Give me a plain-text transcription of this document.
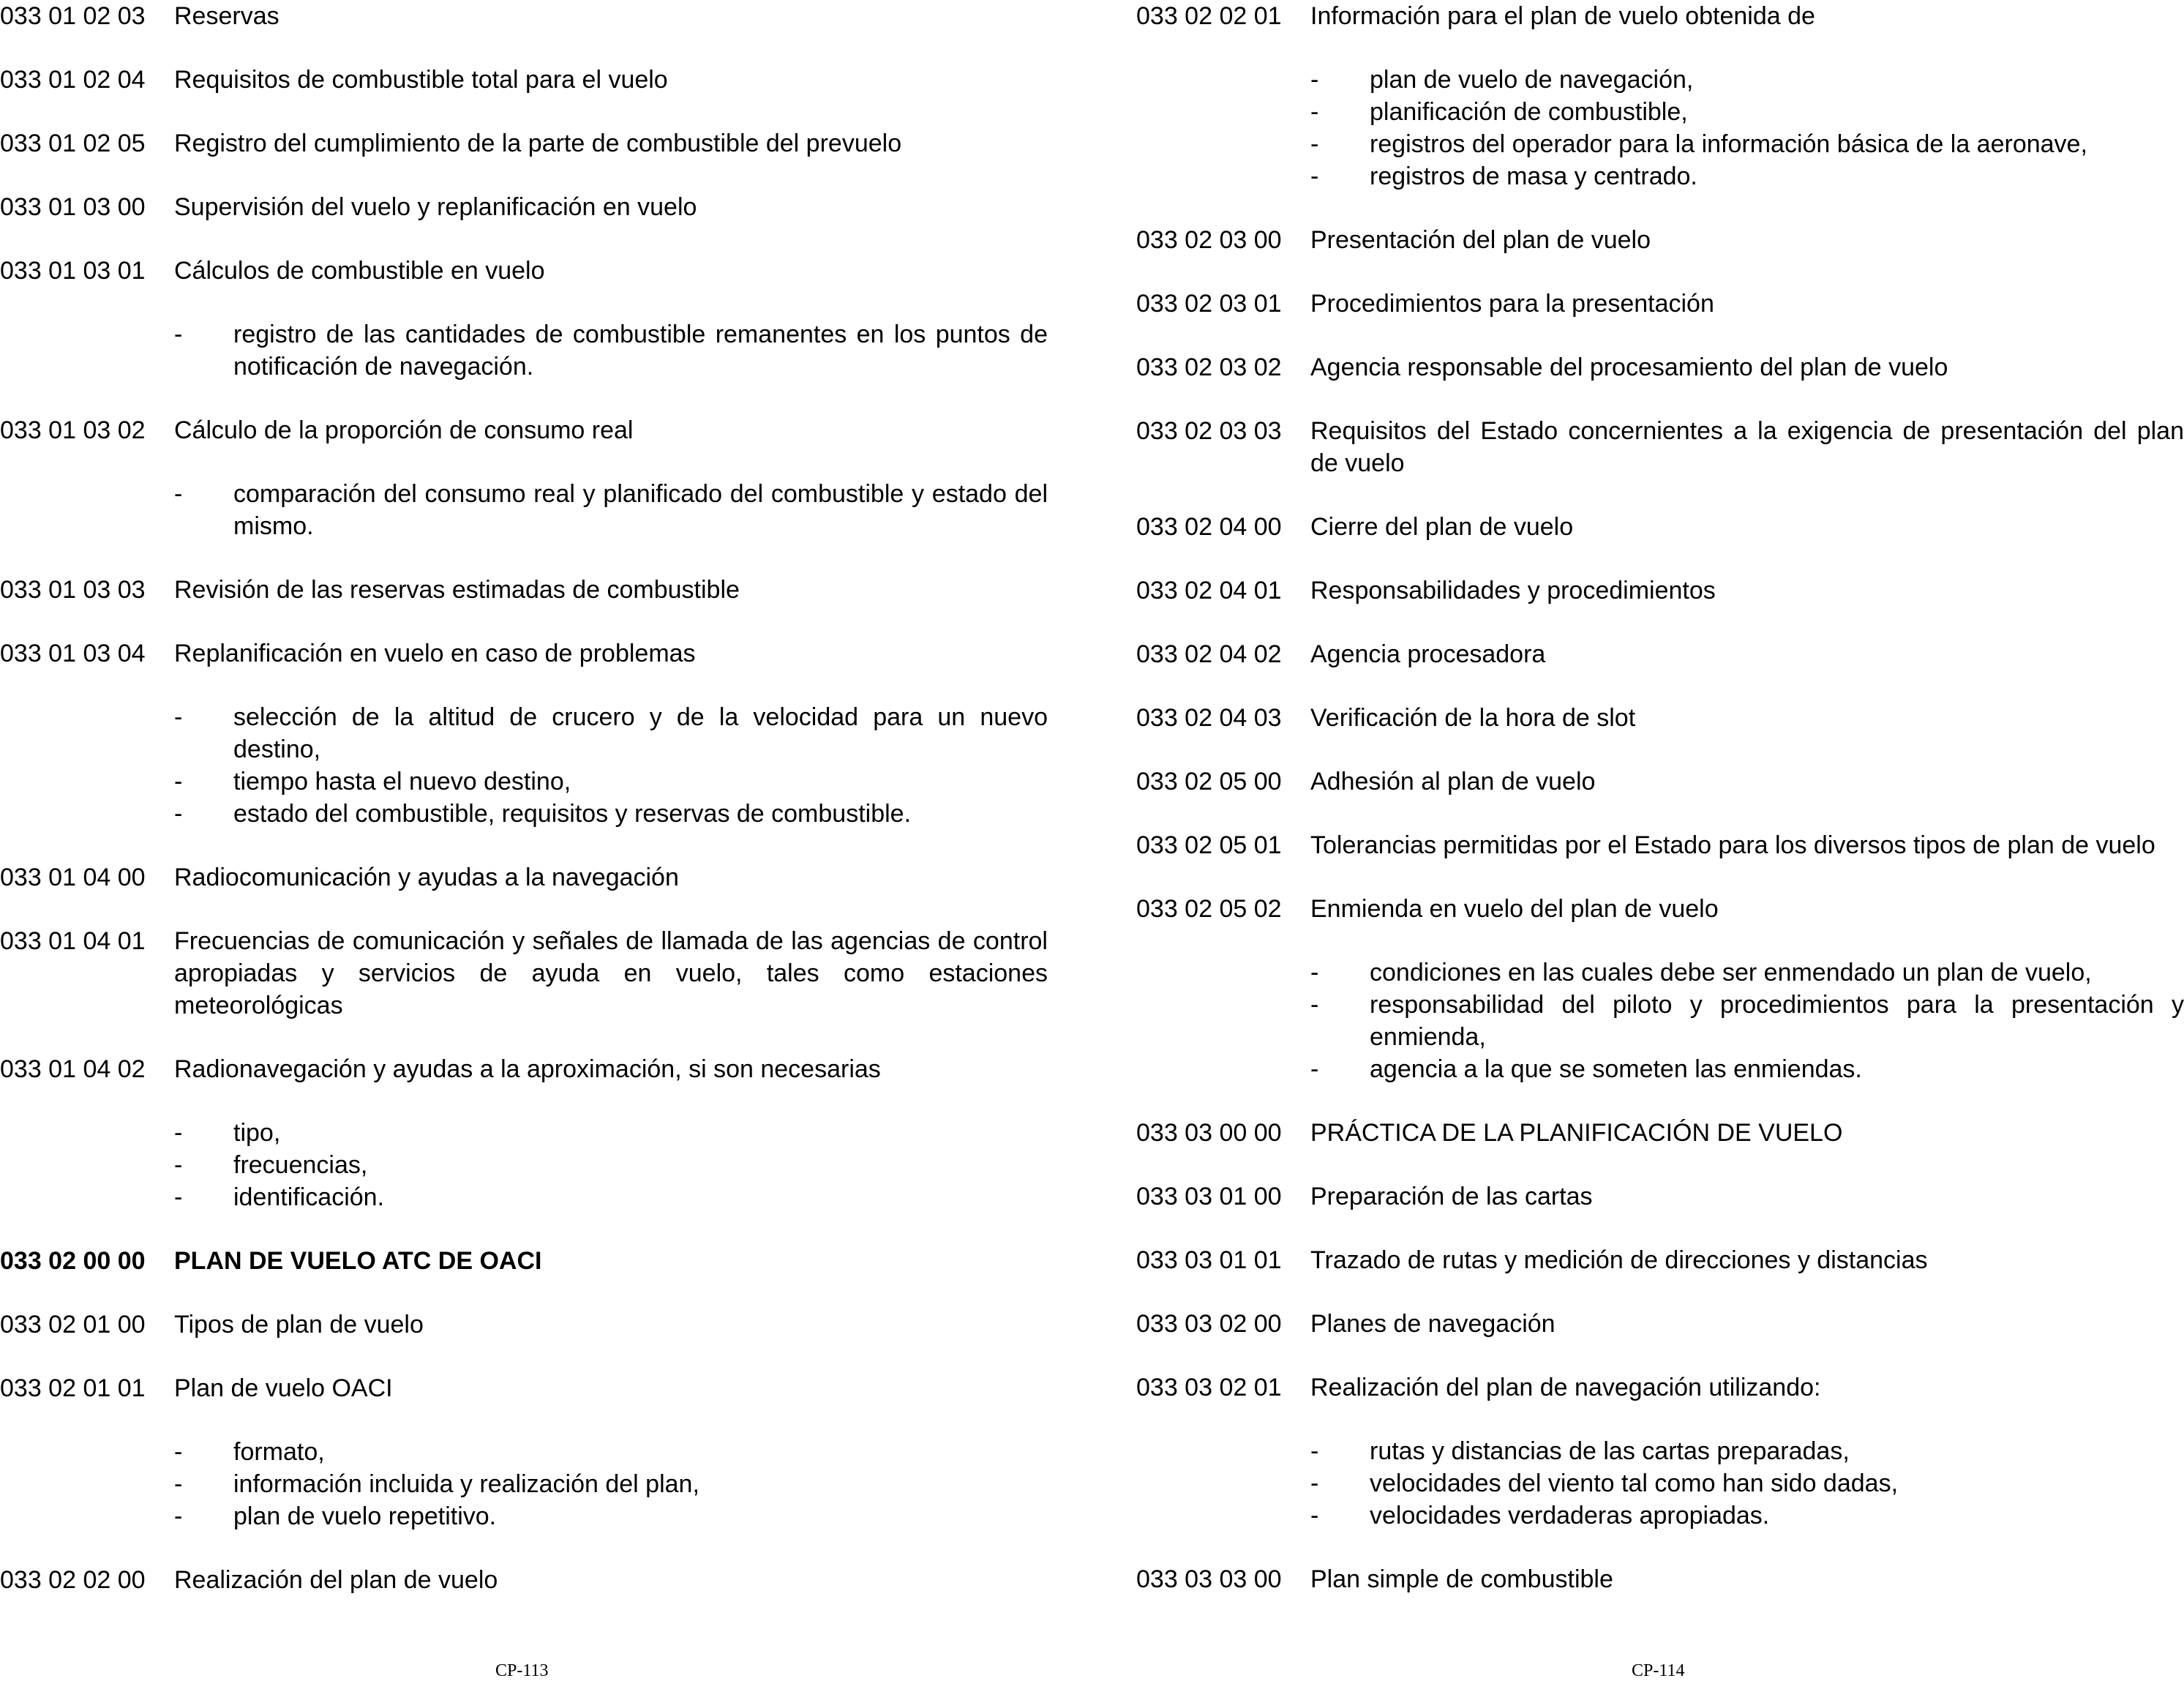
033 01 02 03	Reservas
033 01 02 04	Requisitos de combustible total para el vuelo
033 01 02 05	Registro del cumplimiento de la parte de combustible del prevuelo
033 01 03 00	Supervisión del vuelo y replanificación en vuelo
033 01 03 01	Cálculos de combustible en vuelo
-	registro de las cantidades de combustible remanentes en los puntos de notificación de navegación.
033 01 03 02	Cálculo de la proporción de consumo real
-	comparación del consumo real y planificado del combustible y estado del mismo.
033 01 03 03	Revisión de las reservas estimadas de combustible
033 01 03 04	Replanificación en vuelo en caso de problemas
-	selección de la altitud de crucero y de la velocidad para un nuevo destino,
-	tiempo hasta el nuevo destino,
-	estado del combustible, requisitos y reservas de combustible.
033 01 04 00	Radiocomunicación y ayudas a la navegación
033 01 04 01	Frecuencias de comunicación y señales de llamada de las agencias de control apropiadas y servicios de ayuda en vuelo, tales como estaciones meteorológicas
033 01 04 02	Radionavegación y ayudas a la aproximación, si son necesarias
-	tipo,
-	frecuencias,
-	identificación.
033 02 00 00	PLAN DE VUELO ATC DE OACI
033 02 01 00	Tipos de plan de vuelo
033 02 01 01	Plan de vuelo OACI
-	formato,
-	información incluida y realización del plan,
-	plan de vuelo repetitivo.
033 02 02 00	Realización del plan de vuelo
033 02 02 01	Información para el plan de vuelo obtenida de
-	plan de vuelo de navegación,
-	planificación de combustible,
-	registros del operador para la información básica de la aeronave,
-	registros de masa y centrado.
033 02 03 00	Presentación del plan de vuelo
033 02 03 01	Procedimientos para la presentación
033 02 03 02	Agencia responsable del procesamiento del plan de vuelo
033 02 03 03	Requisitos del Estado concernientes a la exigencia de presentación del plan de vuelo
033 02 04 00	Cierre del plan de vuelo
033 02 04 01	Responsabilidades y procedimientos
033 02 04 02	Agencia procesadora
033 02 04 03	Verificación de la hora de slot
033 02 05 00	Adhesión al plan de vuelo
033 02 05 01	Tolerancias permitidas por el Estado para los diversos tipos de plan de vuelo
033 02 05 02	Enmienda en vuelo del plan de vuelo
-	condiciones en las cuales debe ser enmendado un plan de vuelo,
-	responsabilidad del piloto y procedimientos para la presentación y enmienda,
-	agencia a la que se someten las enmiendas.
033 03 00 00	PRÁCTICA DE LA PLANIFICACIÓN DE VUELO
033 03 01 00	Preparación de las cartas
033 03 01 01	Trazado de rutas y medición de direcciones y distancias
033 03 02 00	Planes de navegación
033 03 02 01	Realización del plan de navegación utilizando:
-	rutas y distancias de las cartas preparadas,
-	velocidades del viento tal como han sido dadas,
-	velocidades verdaderas apropiadas.
033 03 03 00	Plan simple de combustible
CP-113	CP-114
